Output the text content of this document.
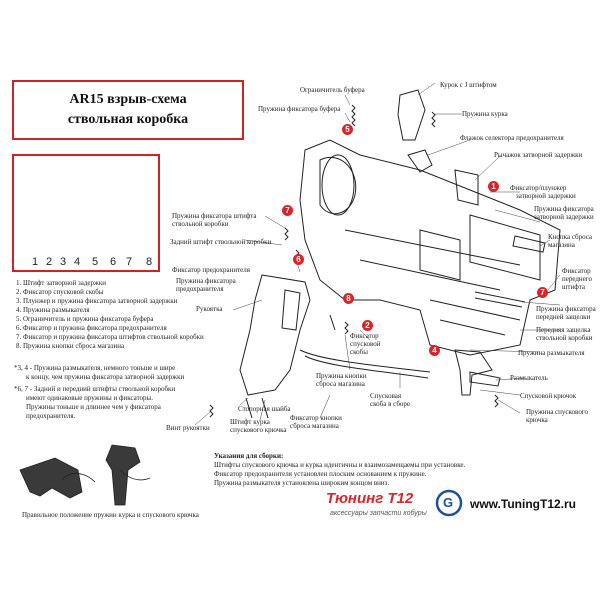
AR15 взрыв-схема
ствольная коробка
1 2 3 4 5 6 7 8
1. Штифт затворной задержки
2. Фиксатор спусковой скобы
3. Плунжер и пружина фиксатора затворной задержки
4. Пружина размыкателя
5. Ограничитель и пружина фиксатора буфера
6. Фиксатор и пружина фиксатора предохранителя
7. Фиксатор и пружина фиксатора штифтов ствольной коробки
8. Пружина кнопки сброса магазина
*3, 4 - Пружина размыкателя, немного тоньше и шире
к концу, чем пружина фиксатора затворной задержки
*6, 7 - Задний и передний штифты ствольной коробки
имеют одинаковые пружины и фиксаторы.
Пружины тоньше и длиннее чем у фиксатора
предохранителя.
Ограничитель буфера
Пружина фиксатора буфера
Курок с J штифтом
Пружина курка
Флажок селектора предохранителя
Рычажок затворной задержки
Фиксатор/плунжер
затворной задержки
Пружина фиксатора
затворной задержки
Кнопка сброса
магазина
Пружина фиксатора штифта
ствольной коробки
Задний штифт ствольной коробки
Фиксатор предохранителя
Пружина фиксатора
предохранителя
Рукоятка
Фиксатор
спусковой
скобы
Фиксатор
переднего
штифта
Пружина фиксатора
передней защелки
Передняя защелка
ствольной коробки
Пружина размыкателя
Размыкатель
Спусковой крючок
Пружина спускового
крючка
Пружина кнопки
сброса магазина
Спусковая
скоба в сборе
Стопорная шайба
Штифт курка
спускового крючка
Фиксатор кнопки
сброса магазина
Винт рукоятки
1
2
5
6
7
8
4
7
Указания для сборки:
Штифты спускового крючка и курка идентичны и взаимозамещаемы при установке.
Фиксатор предохранителя установлен плоским основанием к пружине.
Пружина размыкателя установлена широким концом вниз.
Правильное положение пружин курка и спускового крючка
Тюнинг T12
аксессуары запчасти кобуры
G www.TuningT12.ru
